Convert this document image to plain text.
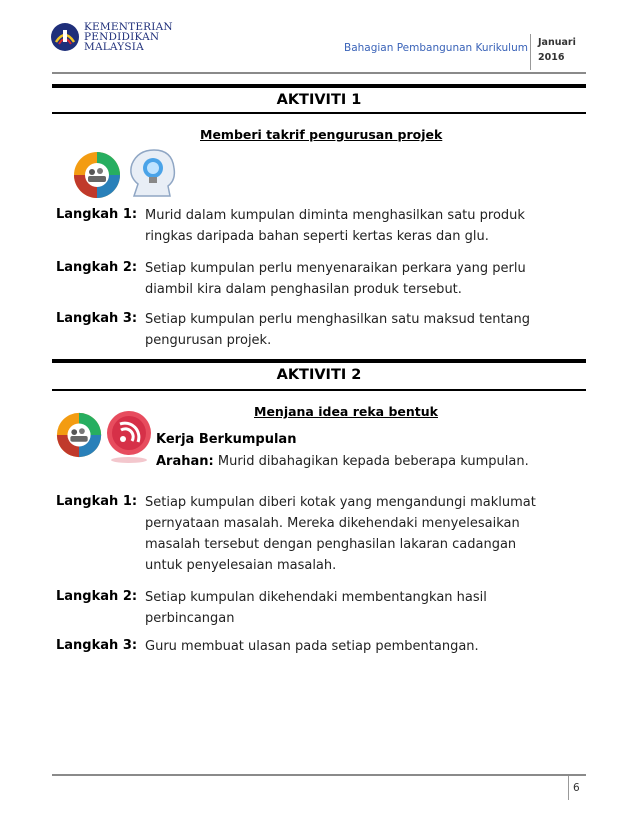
KEMENTERIAN
PENDIDIKAN
MALAYSIA	Bahagian Pembangunan Kurikulum Januari
2016
AKTIVITI 1
Memberi takrif pengurusan projek
Langkah 1: Murid dalam kumpulan diminta menghasilkan satu produk
ringkas daripada bahan seperti kertas keras dan glu.
Langkah 2: Setiap kumpulan perlu menyenaraikan perkara yang perlu
diambil kira dalam penghasilan produk tersebut.
Langkah 3: Setiap kumpulan perlu menghasilkan satu maksud tentang
pengurusan projek.
AKTIVITI 2
Menjana idea reka bentuk
Kerja Berkumpulan
Arahan: Murid dibahagikan kepada beberapa kumpulan.
Langkah 1: Setiap kumpulan diberi kotak yang mengandungi maklumat
pernyataan masalah. Mereka dikehendaki menyelesaikan
masalah tersebut dengan penghasilan lakaran cadangan
untuk penyelesaian masalah.
Langkah 2: Setiap kumpulan dikehendaki membentangkan hasil
perbincangan
Langkah 3: Guru membuat ulasan pada setiap pembentangan.
6
